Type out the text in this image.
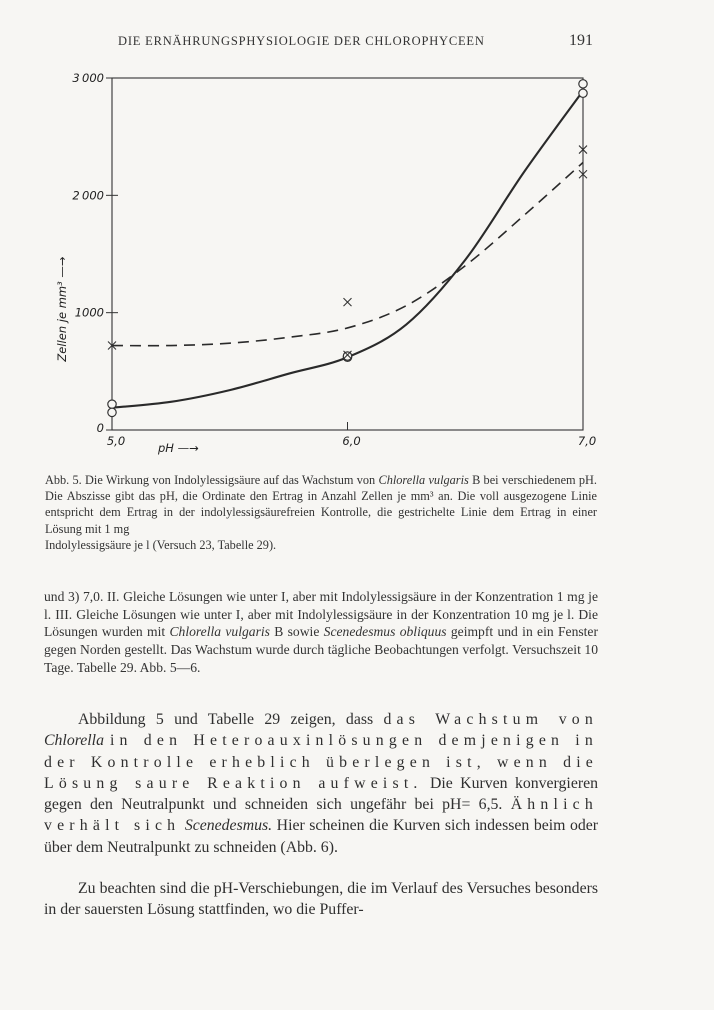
DIE ERNÄHRUNGSPHYSIOLOGIE DER CHLOROPHYCEEN	191
0
1000
2 000
3 000
5,0	6,0	7,0
pH —→
Zellen je mm³ —→
Abb. 5. Die Wirkung von Indolylessigsäure auf das Wachstum von Chlorella vulgaris B bei verschiedenem pH. Die Abszisse gibt das pH, die Ordinate den Ertrag in Anzahl Zellen je mm³ an. Die voll ausgezogene Linie entspricht dem Ertrag in der indolylessigsäurefreien Kontrolle, die gestrichelte Linie dem Ertrag in einer Lösung mit 1 mg
Indolylessigsäure je l (Versuch 23, Tabelle 29).
und 3) 7,0. II. Gleiche Lösungen wie unter I, aber mit Indolylessigsäure in der Konzentration 1 mg je l. III. Gleiche Lösungen wie unter I, aber mit Indolylessigsäure in der Konzentration 10 mg je l. Die Lösungen wurden mit Chlorella vulgaris B sowie Scenedesmus obliquus geimpft und in ein Fenster gegen Norden gestellt. Das Wachstum wurde durch tägliche Beobachtungen verfolgt. Versuchszeit 10 Tage. Tabelle 29. Abb. 5—6.
Abbildung 5 und Tabelle 29 zeigen, dass das Wachstum von Chlorella in den Heteroauxinlösungen demjenigen in der Kontrolle erheblich überlegen ist, wenn die Lösung saure Reaktion aufweist. Die Kurven konvergieren gegen den Neutralpunkt und schneiden sich ungefähr bei pH= 6,5. Ähnlich verhält sich Scenedesmus. Hier scheinen die Kurven sich indessen beim oder über dem Neutralpunkt zu schneiden (Abb. 6).
Zu beachten sind die pH-Verschiebungen, die im Verlauf des Versuches besonders in der sauersten Lösung stattfinden, wo die Puffer-
